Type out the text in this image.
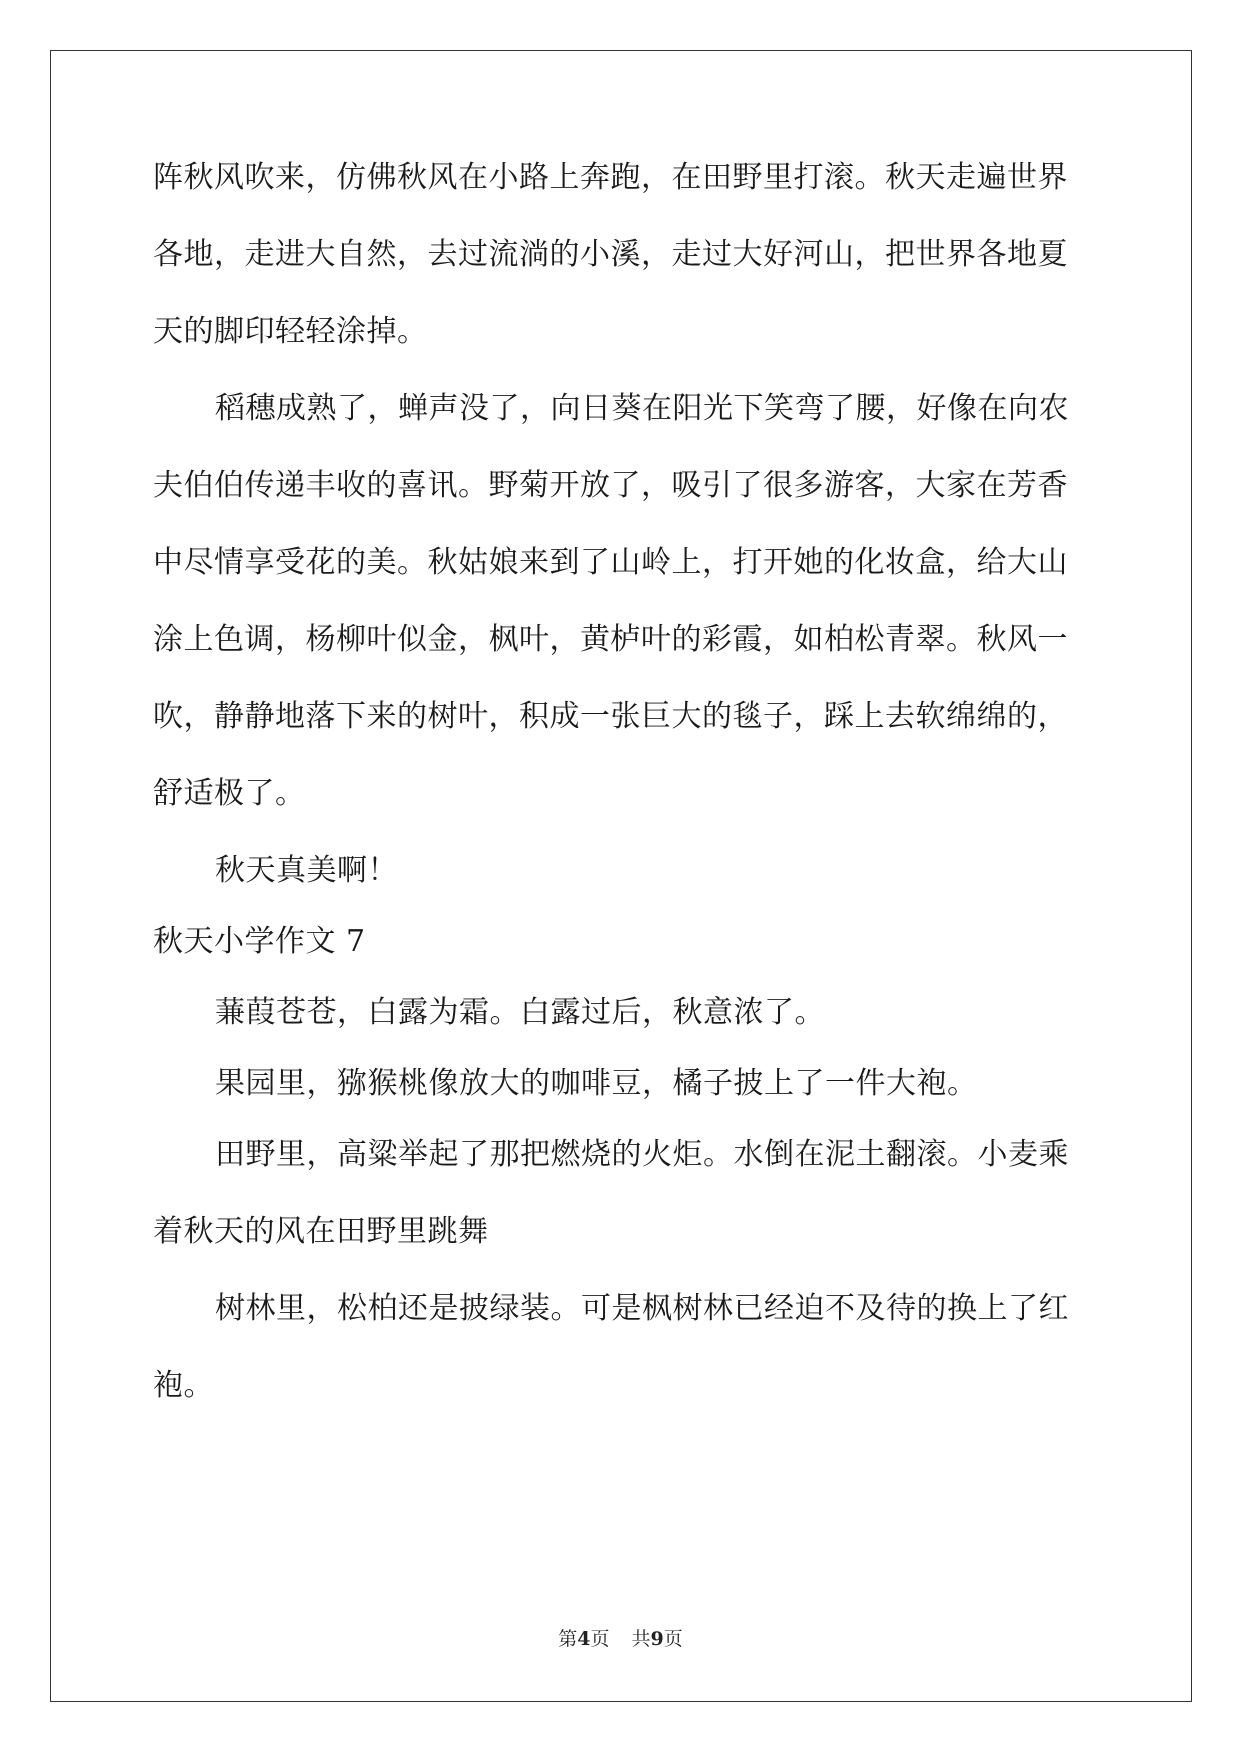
阵秋风吹来，仿佛秋风在小路上奔跑，在田野里打滚。秋天走遍世界
各地，走进大自然，去过流淌的小溪，走过大好河山，把世界各地夏
天的脚印轻轻涂掉。
稻穗成熟了，蝉声没了，向日葵在阳光下笑弯了腰，好像在向农
夫伯伯传递丰收的喜讯。野菊开放了，吸引了很多游客，大家在芳香
中尽情享受花的美。秋姑娘来到了山岭上，打开她的化妆盒，给大山
涂上色调，杨柳叶似金，枫叶，黄栌叶的彩霞，如柏松青翠。秋风一
吹，静静地落下来的树叶，积成一张巨大的毯子，踩上去软绵绵的，
舒适极了。
秋天真美啊！
秋天小学作文 7
蒹葭苍苍，白露为霜。白露过后，秋意浓了。
果园里，猕猴桃像放大的咖啡豆，橘子披上了一件大袍。
田野里，高粱举起了那把燃烧的火炬。水倒在泥土翻滚。小麦乘
着秋天的风在田野里跳舞
树林里，松柏还是披绿装。可是枫树林已经迫不及待的换上了红
袍。
第4页 共9页
